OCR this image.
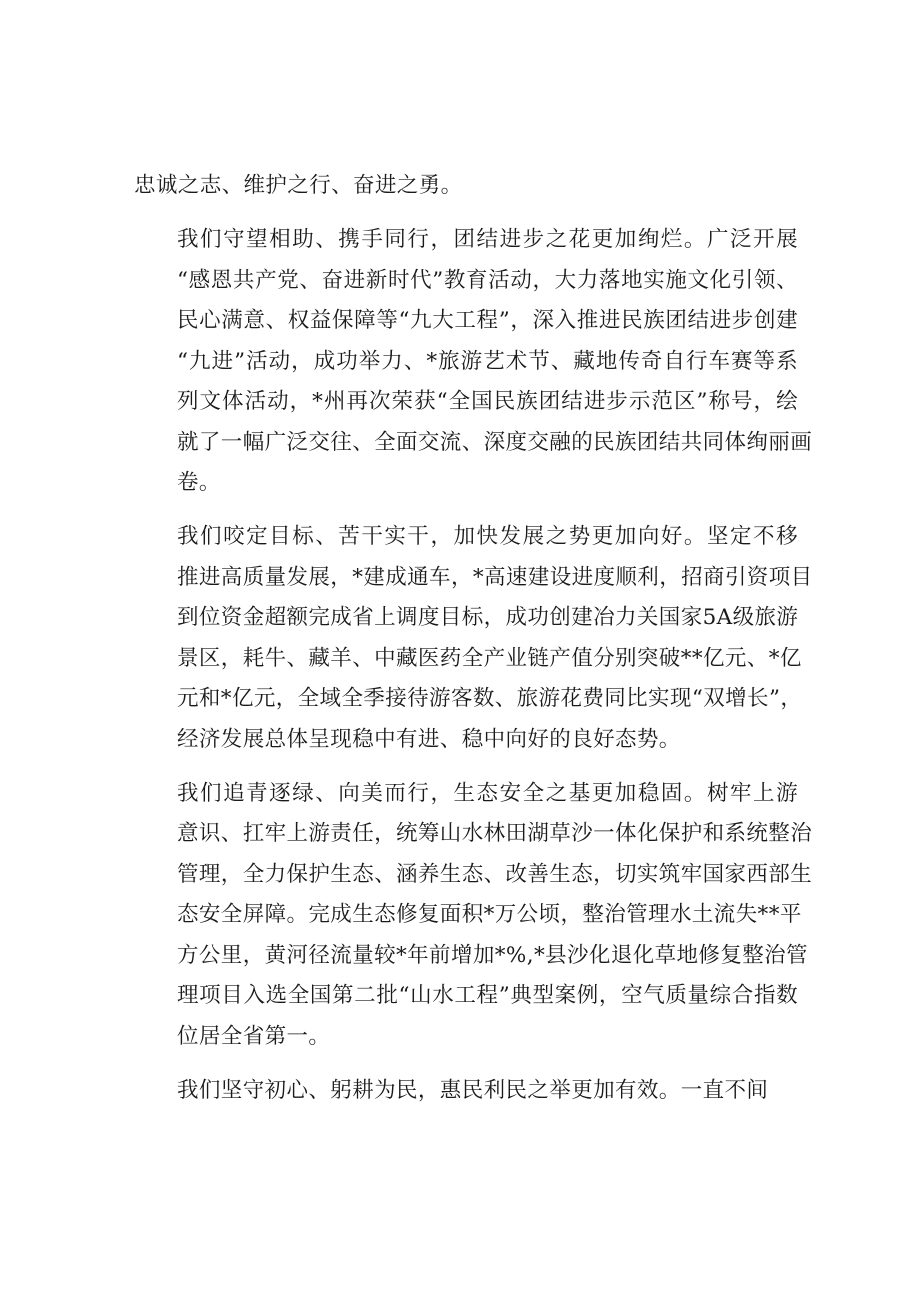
忠诚之志、维护之行、奋进之勇。

我们守望相助、携手同行，团结进步之花更加绚烂。广泛开展
“感恩共产党、奋进新时代”教育活动，大力落地实施文化引领、
民心满意、权益保障等“九大工程”，深入推进民族团结进步创建
“九进”活动，成功举力、*旅游艺术节、藏地传奇自行车赛等系
列文体活动，*州再次荣获“全国民族团结进步示范区”称号，绘
就了一幅广泛交往、全面交流、深度交融的民族团结共同体绚丽画
卷。

我们咬定目标、苦干实干，加快发展之势更加向好。坚定不移
推进高质量发展，*建成通车，*高速建设进度顺利，招商引资项目
到位资金超额完成省上调度目标，成功创建冶力关国家5A级旅游
景区，耗牛、藏羊、中藏医药全产业链产值分别突破**亿元、*亿
元和*亿元，全域全季接待游客数、旅游花费同比实现“双增长”，
经济发展总体呈现稳中有进、稳中向好的良好态势。

我们追青逐绿、向美而行，生态安全之基更加稳固。树牢上游
意识、扛牢上游责任，统筹山水林田湖草沙一体化保护和系统整治
管理，全力保护生态、涵养生态、改善生态，切实筑牢国家西部生
态安全屏障。完成生态修复面积*万公顷，整治管理水土流失**平
方公里，黄河径流量较*年前增加*%,*县沙化退化草地修复整治管
理项目入选全国第二批“山水工程”典型案例，空气质量综合指数
位居全省第一。

我们坚守初心、躬耕为民，惠民利民之举更加有效。一直不间
